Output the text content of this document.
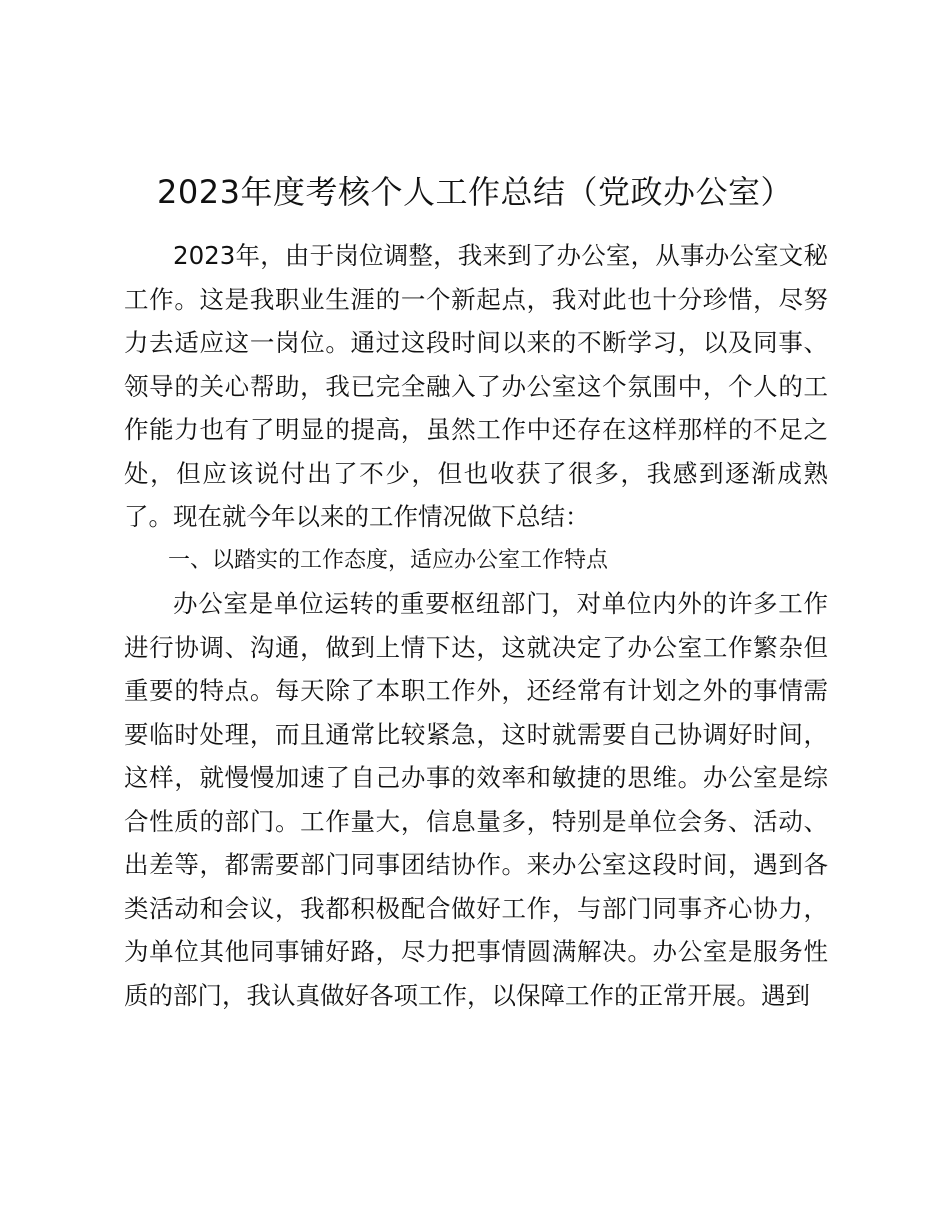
2023年度考核个人工作总结（党政办公室）

2023年，由于岗位调整，我来到了办公室，从事办公室文秘工作。这是我职业生涯的一个新起点，我对此也十分珍惜，尽努力去适应这一岗位。通过这段时间以来的不断学习，以及同事、领导的关心帮助，我已完全融入了办公室这个氛围中，个人的工作能力也有了明显的提高，虽然工作中还存在这样那样的不足之处，但应该说付出了不少，但也收获了很多，我感到逐渐成熟了。现在就今年以来的工作情况做下总结：

一、以踏实的工作态度，适应办公室工作特点

办公室是单位运转的重要枢纽部门，对单位内外的许多工作进行协调、沟通，做到上情下达，这就决定了办公室工作繁杂但重要的特点。每天除了本职工作外，还经常有计划之外的事情需要临时处理，而且通常比较紧急，这时就需要自己协调好时间，这样，就慢慢加速了自己办事的效率和敏捷的思维。办公室是综合性质的部门。工作量大，信息量多，特别是单位会务、活动、出差等，都需要部门同事团结协作。来办公室这段时间，遇到各类活动和会议，我都积极配合做好工作，与部门同事齐心协力，为单位其他同事铺好路，尽力把事情圆满解决。办公室是服务性质的部门，我认真做好各项工作，以保障工作的正常开展。遇到
